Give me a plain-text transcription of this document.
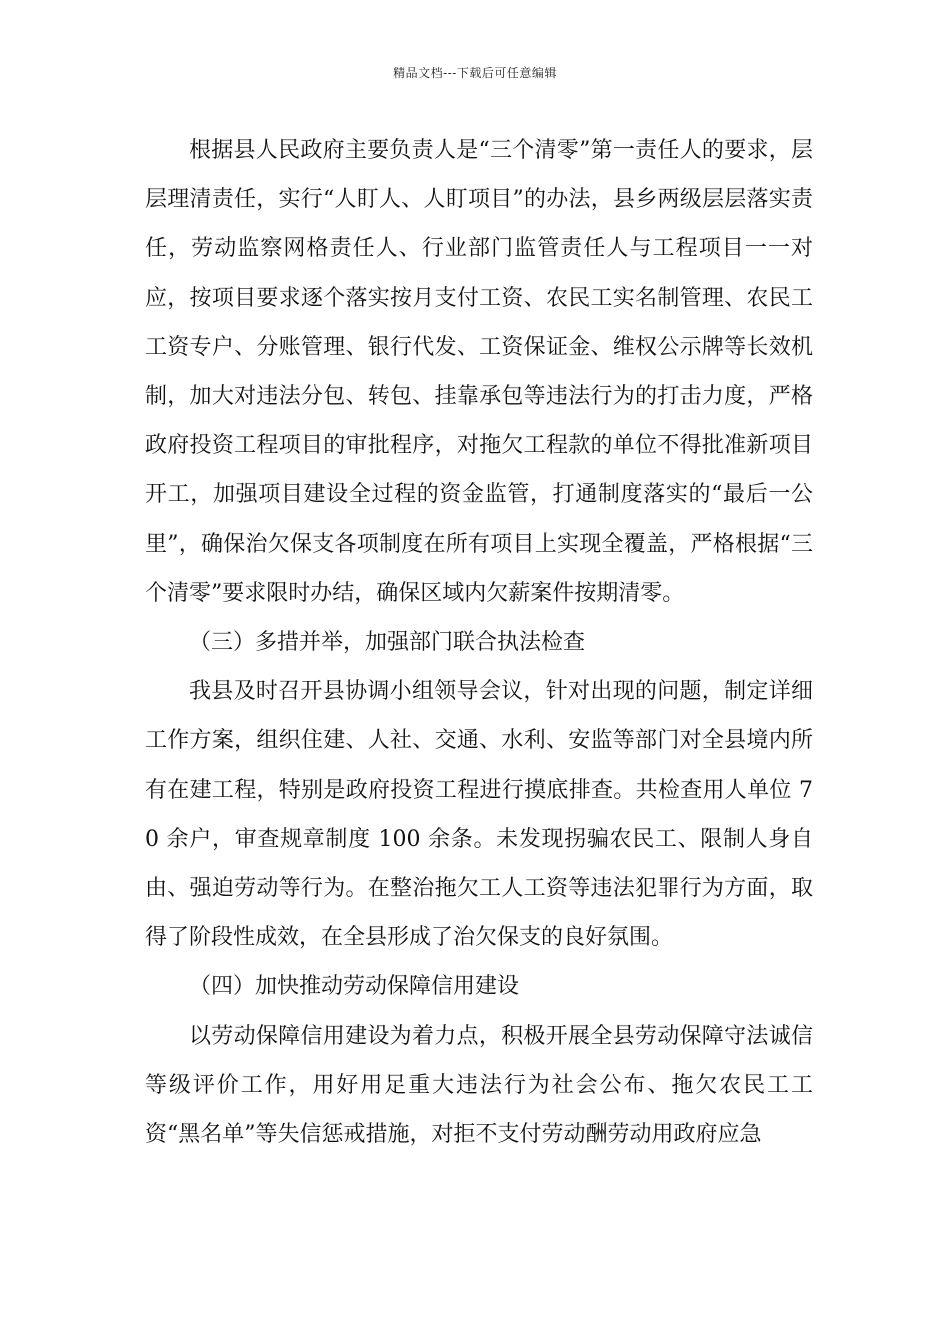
精品文档---下载后可任意编辑

根据县人民政府主要负责人是“三个清零”第一责任人的要求，层层理清责任，实行“人盯人、人盯项目”的办法，县乡两级层层落实责任，劳动监察网格责任人、行业部门监管责任人与工程项目一一对应，按项目要求逐个落实按月支付工资、农民工实名制管理、农民工工资专户、分账管理、银行代发、工资保证金、维权公示牌等长效机制，加大对违法分包、转包、挂靠承包等违法行为的打击力度，严格政府投资工程项目的审批程序，对拖欠工程款的单位不得批准新项目开工，加强项目建设全过程的资金监管，打通制度落实的“最后一公里”，确保治欠保支各项制度在所有项目上实现全覆盖，严格根据“三个清零”要求限时办结，确保区域内欠薪案件按期清零。

（三）多措并举，加强部门联合执法检查

我县及时召开县协调小组领导会议，针对出现的问题，制定详细工作方案，组织住建、人社、交通、水利、安监等部门对全县境内所有在建工程，特别是政府投资工程进行摸底排查。共检查用人单位 70 余户，审查规章制度 100 余条。未发现拐骗农民工、限制人身自由、强迫劳动等行为。在整治拖欠工人工资等违法犯罪行为方面，取得了阶段性成效，在全县形成了治欠保支的良好氛围。

（四）加快推动劳动保障信用建设

以劳动保障信用建设为着力点，积极开展全县劳动保障守法诚信等级评价工作，用好用足重大违法行为社会公布、拖欠农民工工资“黑名单”等失信惩戒措施，对拒不支付劳动酬劳动用政府应急
